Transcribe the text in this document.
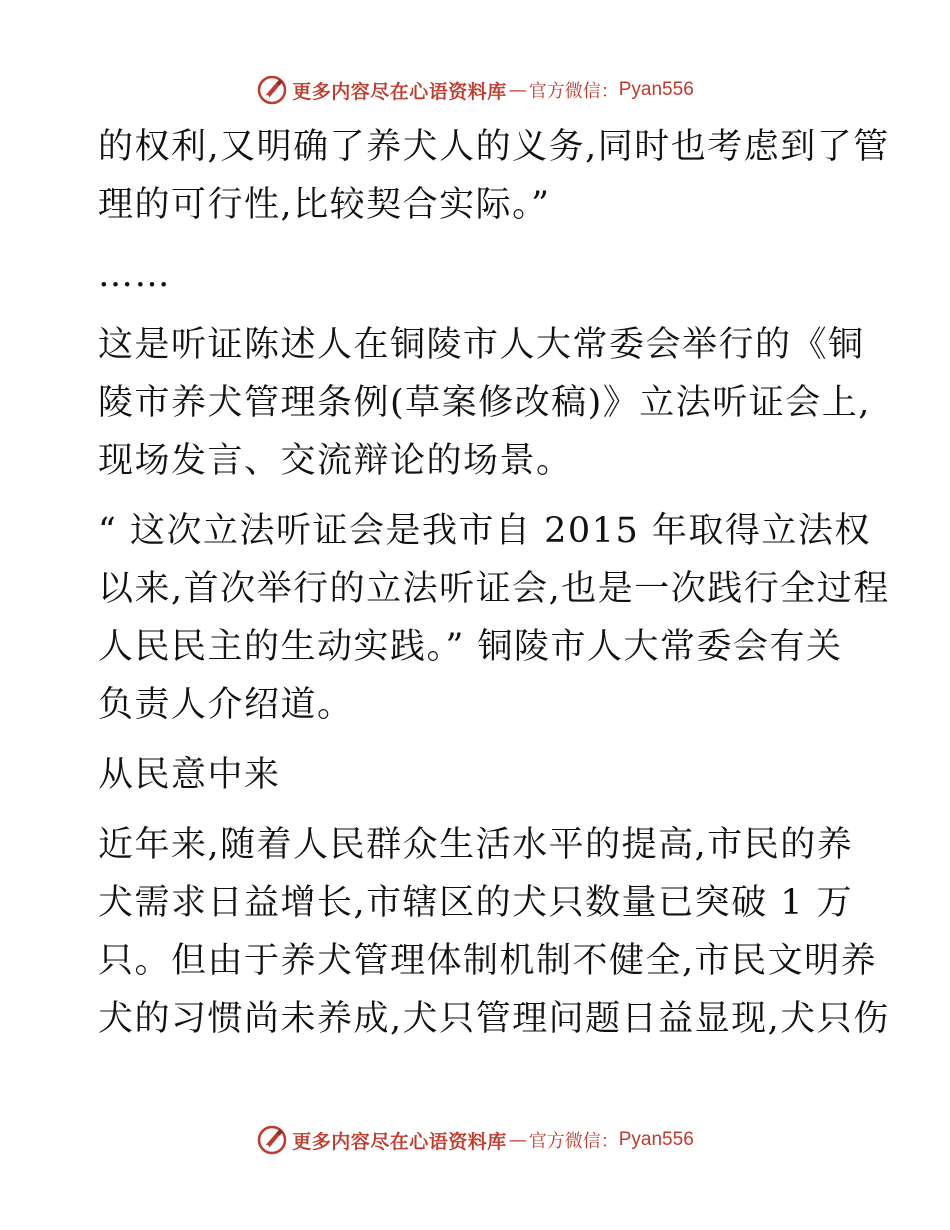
更多内容尽在心语资料库 — 官方微信： Pyan556
的权利,又明确了养犬人的义务,同时也考虑到了管
理的可行性,比较契合实际。”
……
这是听证陈述人在铜陵市人大常委会举行的《铜
陵市养犬管理条例(草案修改稿)》立法听证会上,
现场发言、交流辩论的场景。
“ 这次立法听证会是我市自 2015 年取得立法权
以来,首次举行的立法听证会,也是一次践行全过程
人民民主的生动实践。” 铜陵市人大常委会有关
负责人介绍道。
从民意中来
近年来,随着人民群众生活水平的提高,市民的养
犬需求日益增长,市辖区的犬只数量已突破 1 万
只。但由于养犬管理体制机制不健全,市民文明养
犬的习惯尚未养成,犬只管理问题日益显现,犬只伤
更多内容尽在心语资料库 — 官方微信： Pyan556
